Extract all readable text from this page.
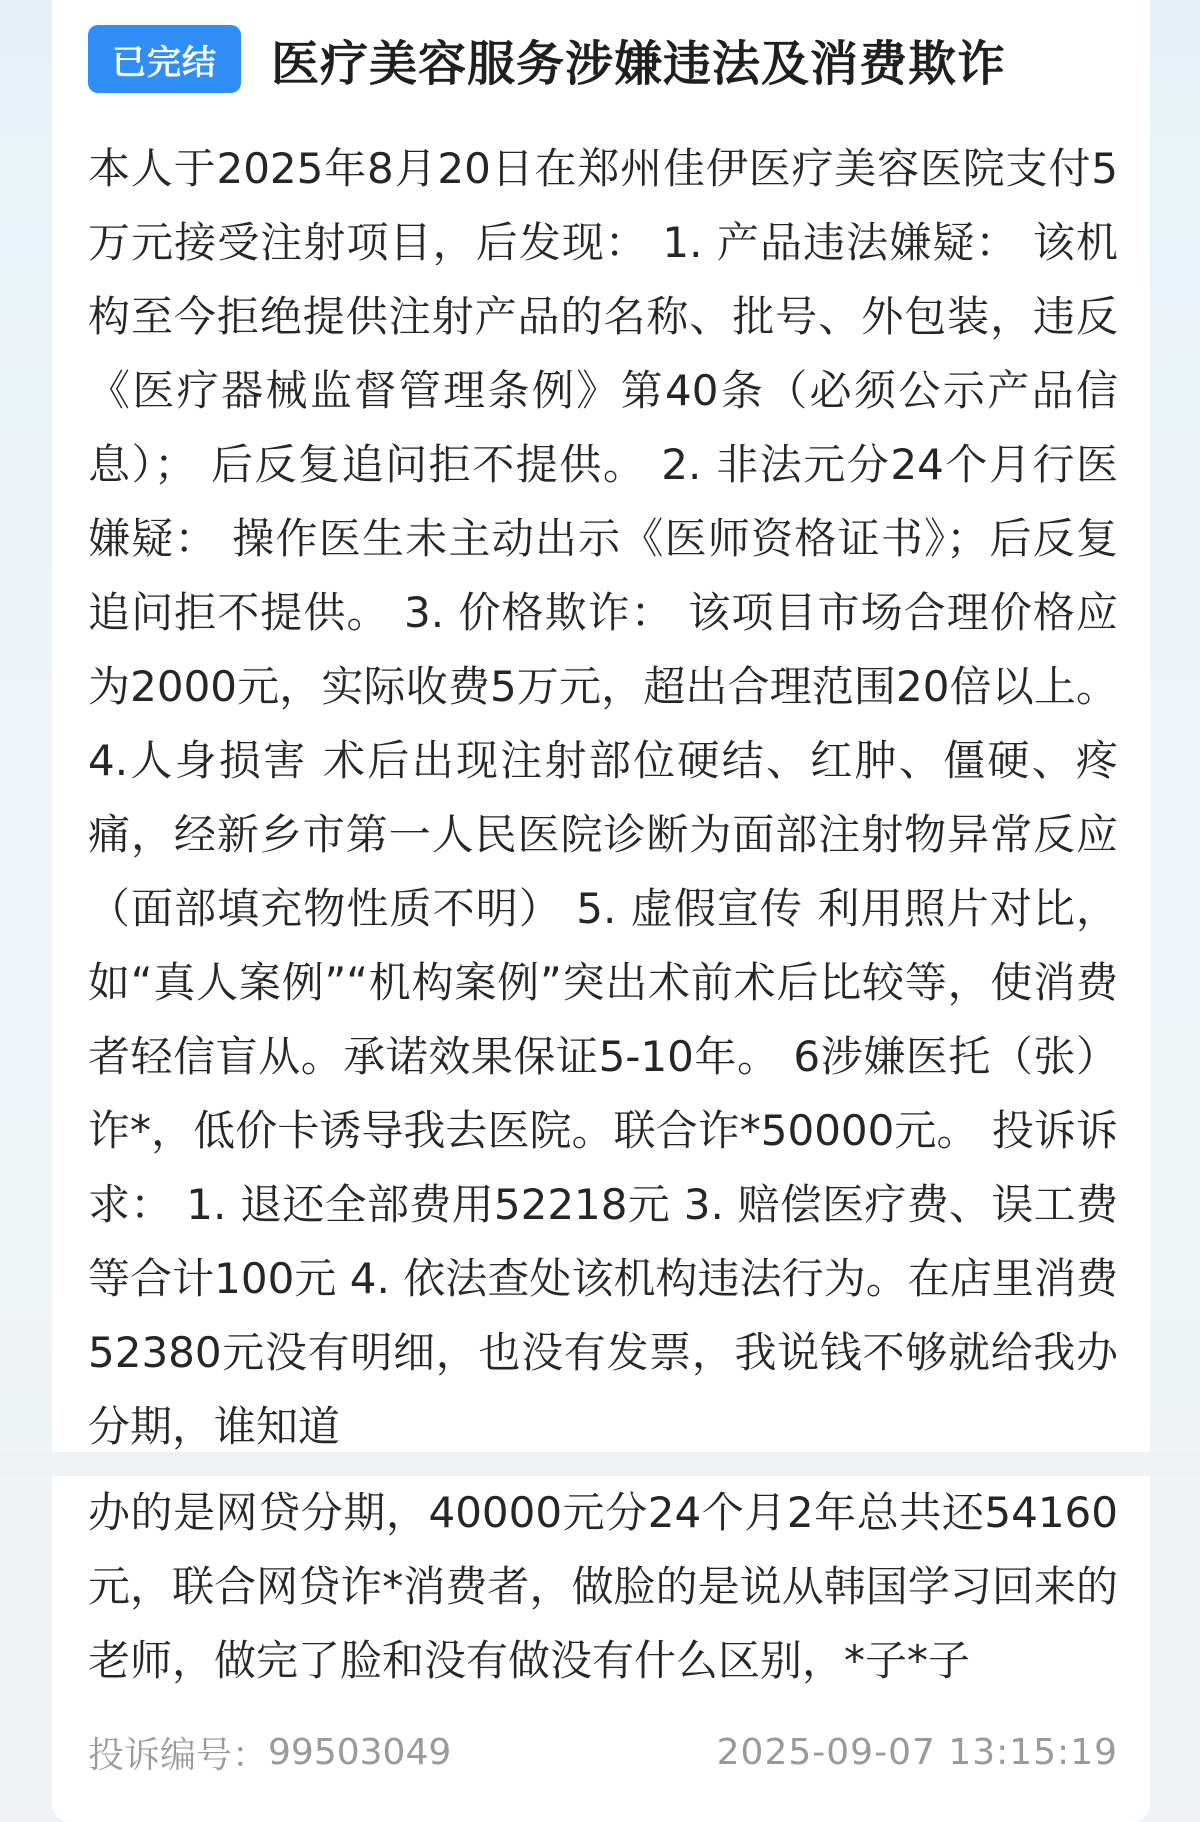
已完结	医疗美容服务涉嫌违法及消费欺诈

本人于2025年8月20日在郑州佳伊医疗美容医院支付5万元接受注射项目，后发现： 1. 产品违法嫌疑： 该机构至今拒绝提供注射产品的名称、批号、外包装，违反《医疗器械监督管理条例》第40条（必须公示产品信息）； 后反复追问拒不提供。 2. 非法元分24个月行医嫌疑： 操作医生未主动出示《医师资格证书》；后反复追问拒不提供。 3. 价格欺诈： 该项目市场合理价格应为2000元，实际收费5万元，超出合理范围20倍以上。 4.人身损害 术后出现注射部位硬结、红肿、僵硬、疼痛，经新乡市第一人民医院诊断为面部注射物异常反应（面部填充物性质不明） 5. 虚假宣传 利用照片对比，如“真人案例”“机构案例”突出术前术后比较等，使消费者轻信盲从。承诺效果保证5-10年。 6涉嫌医托（张）诈*，低价卡诱导我去医院。联合诈*50000元。 投诉诉求： 1. 退还全部费用52218元 3. 赔偿医疗费、误工费等合计100元 4. 依法查处该机构违法行为。在店里消费52380元没有明细，也没有发票，我说钱不够就给我办分期，谁知道

办的是网贷分期，40000元分24个月2年总共还54160元，联合网贷诈*消费者，做脸的是说从韩国学习回来的老师，做完了脸和没有做没有什么区别，*子*子

投诉编号： 99503049	2025-09-07 13:15:19
